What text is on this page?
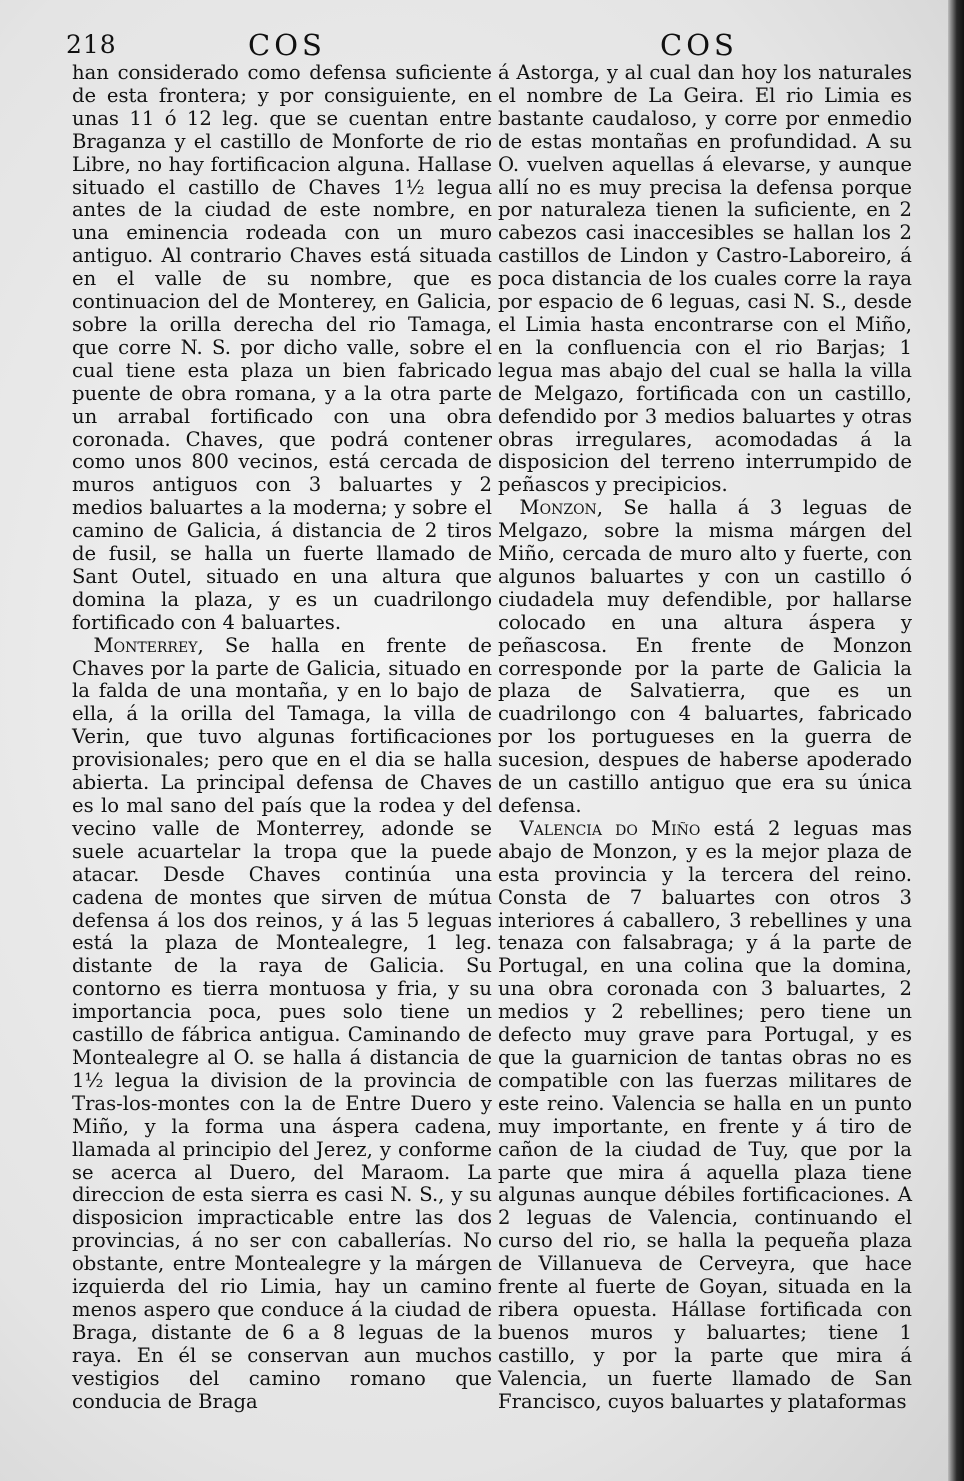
218	COS	COS

han considerado como defensa suficiente de esta frontera; y por consiguiente, en unas 11 ó 12 leg. que se cuentan entre Braganza y el castillo de Monforte de rio Libre, no hay fortificacion alguna. Hallase situado el castillo de Chaves 1½ legua antes de la ciudad de este nombre, en una eminencia rodeada con un muro antiguo. Al contrario Chaves está situada en el valle de su nombre, que es continuacion del de Monterey, en Galicia, sobre la orilla derecha del rio Tamaga, que corre N. S. por dicho valle, sobre el cual tiene esta plaza un bien fabricado puente de obra romana, y a la otra parte un arrabal fortificado con una obra coronada. Chaves, que podrá contener como unos 800 vecinos, está cercada de muros antiguos con 3 baluartes y 2 medios baluartes a la moderna; y sobre el camino de Galicia, á distancia de 2 tiros de fusil, se halla un fuerte llamado de Sant Outel, situado en una altura que domina la plaza, y es un cuadrilongo fortificado con 4 baluartes.

Monterrey, Se halla en frente de Chaves por la parte de Galicia, situado en la falda de una montaña, y en lo bajo de ella, á la orilla del Tamaga, la villa de Verin, que tuvo algunas fortificaciones provisionales; pero que en el dia se halla abierta. La principal defensa de Chaves es lo mal sano del país que la rodea y del vecino valle de Monterrey, adonde se suele acuartelar la tropa que la puede atacar. Desde Chaves continúa una cadena de montes que sirven de mútua defensa á los dos reinos, y á las 5 leguas está la plaza de Montealegre, 1 leg. distante de la raya de Galicia. Su contorno es tierra montuosa y fria, y su importancia poca, pues solo tiene un castillo de fábrica antigua. Caminando de Montealegre al O. se halla á distancia de 1½ legua la division de la provincia de Tras-los-montes con la de Entre Duero y Miño, y la forma una áspera cadena, llamada al principio del Jerez, y conforme se acerca al Duero, del Maraom. La direccion de esta sierra es casi N. S., y su disposicion impracticable entre las dos provincias, á no ser con caballerías. No obstante, entre Montealegre y la márgen izquierda del rio Limia, hay un camino menos aspero que conduce á la ciudad de Braga, distante de 6 a 8 leguas de la raya. En él se conservan aun muchos vestigios del camino romano que conducia de Braga

á Astorga, y al cual dan hoy los naturales el nombre de La Geira. El rio Limia es bastante caudaloso, y corre por enmedio de estas montañas en profundidad. A su O. vuelven aquellas á elevarse, y aunque allí no es muy precisa la defensa porque por naturaleza tienen la suficiente, en 2 cabezos casi inaccesibles se hallan los 2 castillos de Lindon y Castro-Laboreiro, á poca distancia de los cuales corre la raya por espacio de 6 leguas, casi N. S., desde el Limia hasta encontrarse con el Miño, en la confluencia con el rio Barjas; 1 legua mas abajo del cual se halla la villa de Melgazo, fortificada con un castillo, defendido por 3 medios baluartes y otras obras irregulares, acomodadas á la disposicion del terreno interrumpido de peñascos y precipicios.

Monzon, Se halla á 3 leguas de Melgazo, sobre la misma márgen del Miño, cercada de muro alto y fuerte, con algunos baluartes y con un castillo ó ciudadela muy defendible, por hallarse colocado en una altura áspera y peñascosa. En frente de Monzon corresponde por la parte de Galicia la plaza de Salvatierra, que es un cuadrilongo con 4 baluartes, fabricado por los portugueses en la guerra de sucesion, despues de haberse apoderado de un castillo antiguo que era su única defensa.

Valencia do Miño está 2 leguas mas abajo de Monzon, y es la mejor plaza de esta provincia y la tercera del reino. Consta de 7 baluartes con otros 3 interiores á caballero, 3 rebellines y una tenaza con falsabraga; y á la parte de Portugal, en una colina que la domina, una obra coronada con 3 baluartes, 2 medios y 2 rebellines; pero tiene un defecto muy grave para Portugal, y es que la guarnicion de tantas obras no es compatible con las fuerzas militares de este reino. Valencia se halla en un punto muy importante, en frente y á tiro de cañon de la ciudad de Tuy, que por la parte que mira á aquella plaza tiene algunas aunque débiles fortificaciones. A 2 leguas de Valencia, continuando el curso del rio, se halla la pequeña plaza de Villanueva de Cerveyra, que hace frente al fuerte de Goyan, situada en la ribera opuesta. Hállase fortificada con buenos muros y baluartes; tiene 1 castillo, y por la parte que mira á Valencia, un fuerte llamado de San Francisco, cuyos baluartes y plataformas
